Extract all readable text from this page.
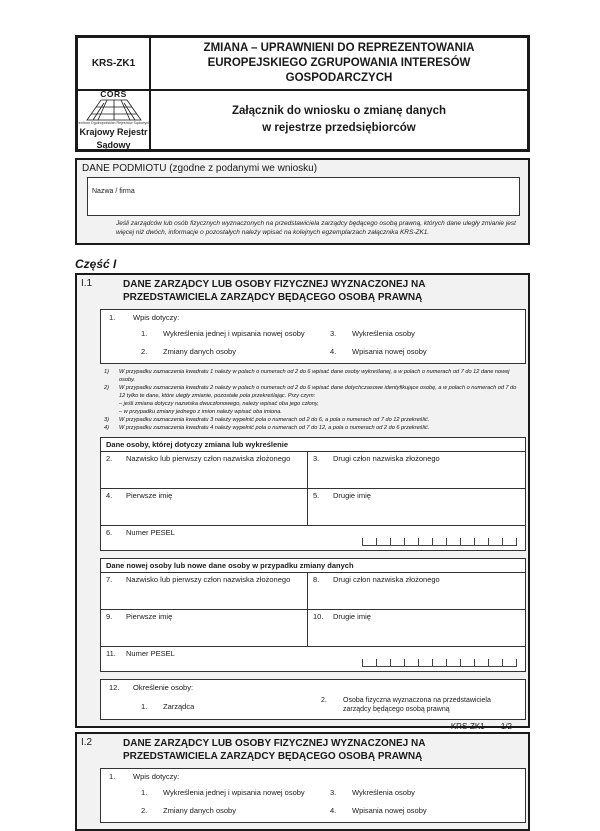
KRS-ZK1
ZMIANA – UPRAWNIENI DO REPREZENTOWANIA EUROPEJSKIEGO ZGRUPOWANIA INTERESÓW GOSPODARCZYCH
CORS
Centrum Ogólnopolskich Rejestrów Sądowych
Krajowy Rejestr
Sądowy
Załącznik do wniosku o zmianę danych
w rejestrze przedsiębiorców
DANE PODMIOTU (zgodne z podanymi we wniosku)
Nazwa / firma
Jeśli zarządców lub osób fizycznych wyznaczonych na przedstawiciela zarządcy będącego osobą prawną, których dane uległy zmianie jest więcej niż dwóch, informacje o pozostałych należy wpisać na kolejnych egzemplarzach załącznika KRS-ZK1.
Część I
I.1	DANE ZARZĄDCY LUB OSOBY FIZYCZNEJ WYZNACZONEJ NA PRZEDSTAWICIELA ZARZĄDCY BĘDĄCEGO OSOBĄ PRAWNĄ
1.	Wpis dotyczy:
1.	Wykreślenia jednej i wpisania nowej osoby	3.	Wykreślenia osoby
2.	Zmiany danych osoby	4.	Wpisania nowej osoby
1)	W przypadku zaznaczenia kwadratu 1 należy w polach o numerach od 2 do 6 wpisać dane osoby wykreślanej, a w polach o numerach od 7 do 12 dane nowej osoby.
2)	W przypadku zaznaczenia kwadratu 2 należy w polach o numerach od 2 do 6 wpisać dane dotychczasowe identyfikujące osobę, a w polach o numerach od 7 do 12 tylko te dane, które uległy zmianie, pozostałe pola przekreślając. Przy czym:
– jeśli zmiana dotyczy nazwiska dwuczłonowego, należy wpisać oba jego człony,
– w przypadku zmiany jednego z imion należy wpisać oba imiona.
3)	W przypadku zaznaczenia kwadratu 3 należy wypełnić pola o numerach od 2 do 6, a pola o numerach od 7 do 12 przekreślić.
4)	W przypadku zaznaczenia kwadratu 4 należy wypełnić pola o numerach od 7 do 12, a pola o numerach od 2 do 6 przekreślić.
Dane osoby, której dotyczy zmiana lub wykreślenie
2.	Nazwisko lub pierwszy człon nazwiska złożonego	3.	Drugi człon nazwiska złożonego
4.	Pierwsze imię	5.	Drugie imię
6.	Numer PESEL
Dane nowej osoby lub nowe dane osoby w przypadku zmiany danych
7.	Nazwisko lub pierwszy człon nazwiska złożonego	8.	Drugi człon nazwiska złożonego
9.	Pierwsze imię	10.	Drugie imię
11.	Numer PESEL
12.	Określenie osoby:
1.	Zarządca
2.	Osoba fizyczna wyznaczona na przedstawiciela zarządcy będącego osobą prawną
I.2	DANE ZARZĄDCY LUB OSOBY FIZYCZNEJ WYZNACZONEJ NA PRZEDSTAWICIELA ZARZĄDCY BĘDĄCEGO OSOBĄ PRAWNĄ
1.	Wpis dotyczy:
1.	Wykreślenia jednej i wpisania nowej osoby	3.	Wykreślenia osoby
2.	Zmiany danych osoby	4.	Wpisania nowej osoby
KRS-ZK1 1/2
